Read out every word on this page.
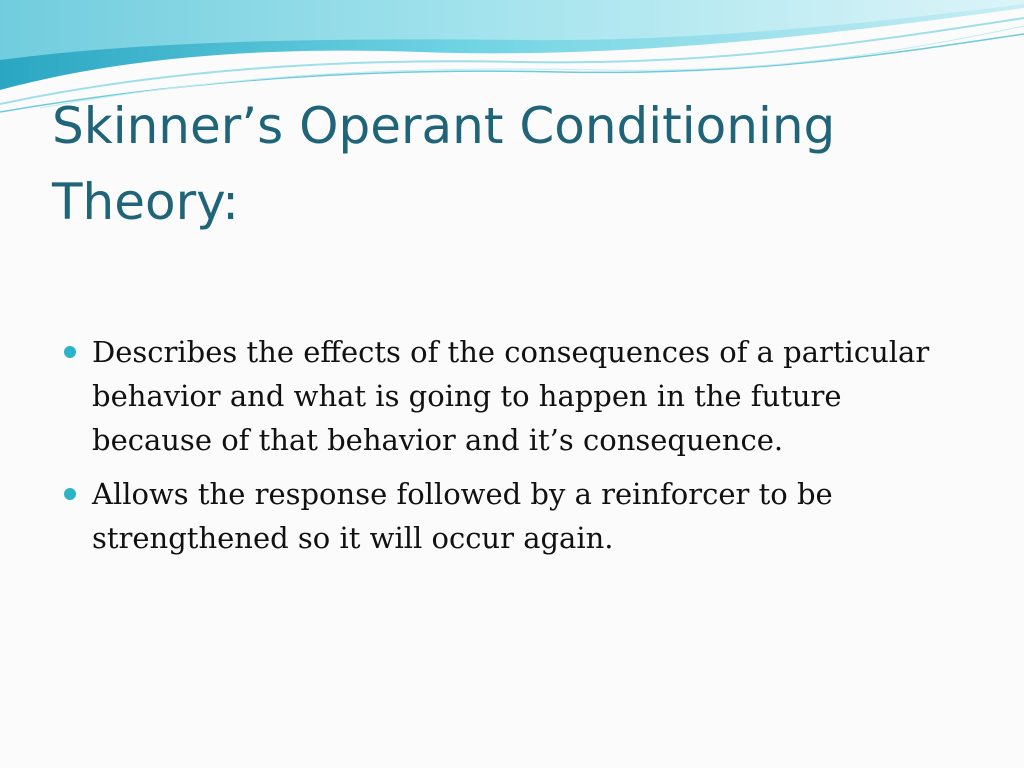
Skinner’s Operant Conditioning Theory:
Describes the effects of the consequences of a particular behavior and what is going to happen in the future because of that behavior and it’s consequence.
Allows the response followed by a reinforcer to be strengthened so it will occur again.
